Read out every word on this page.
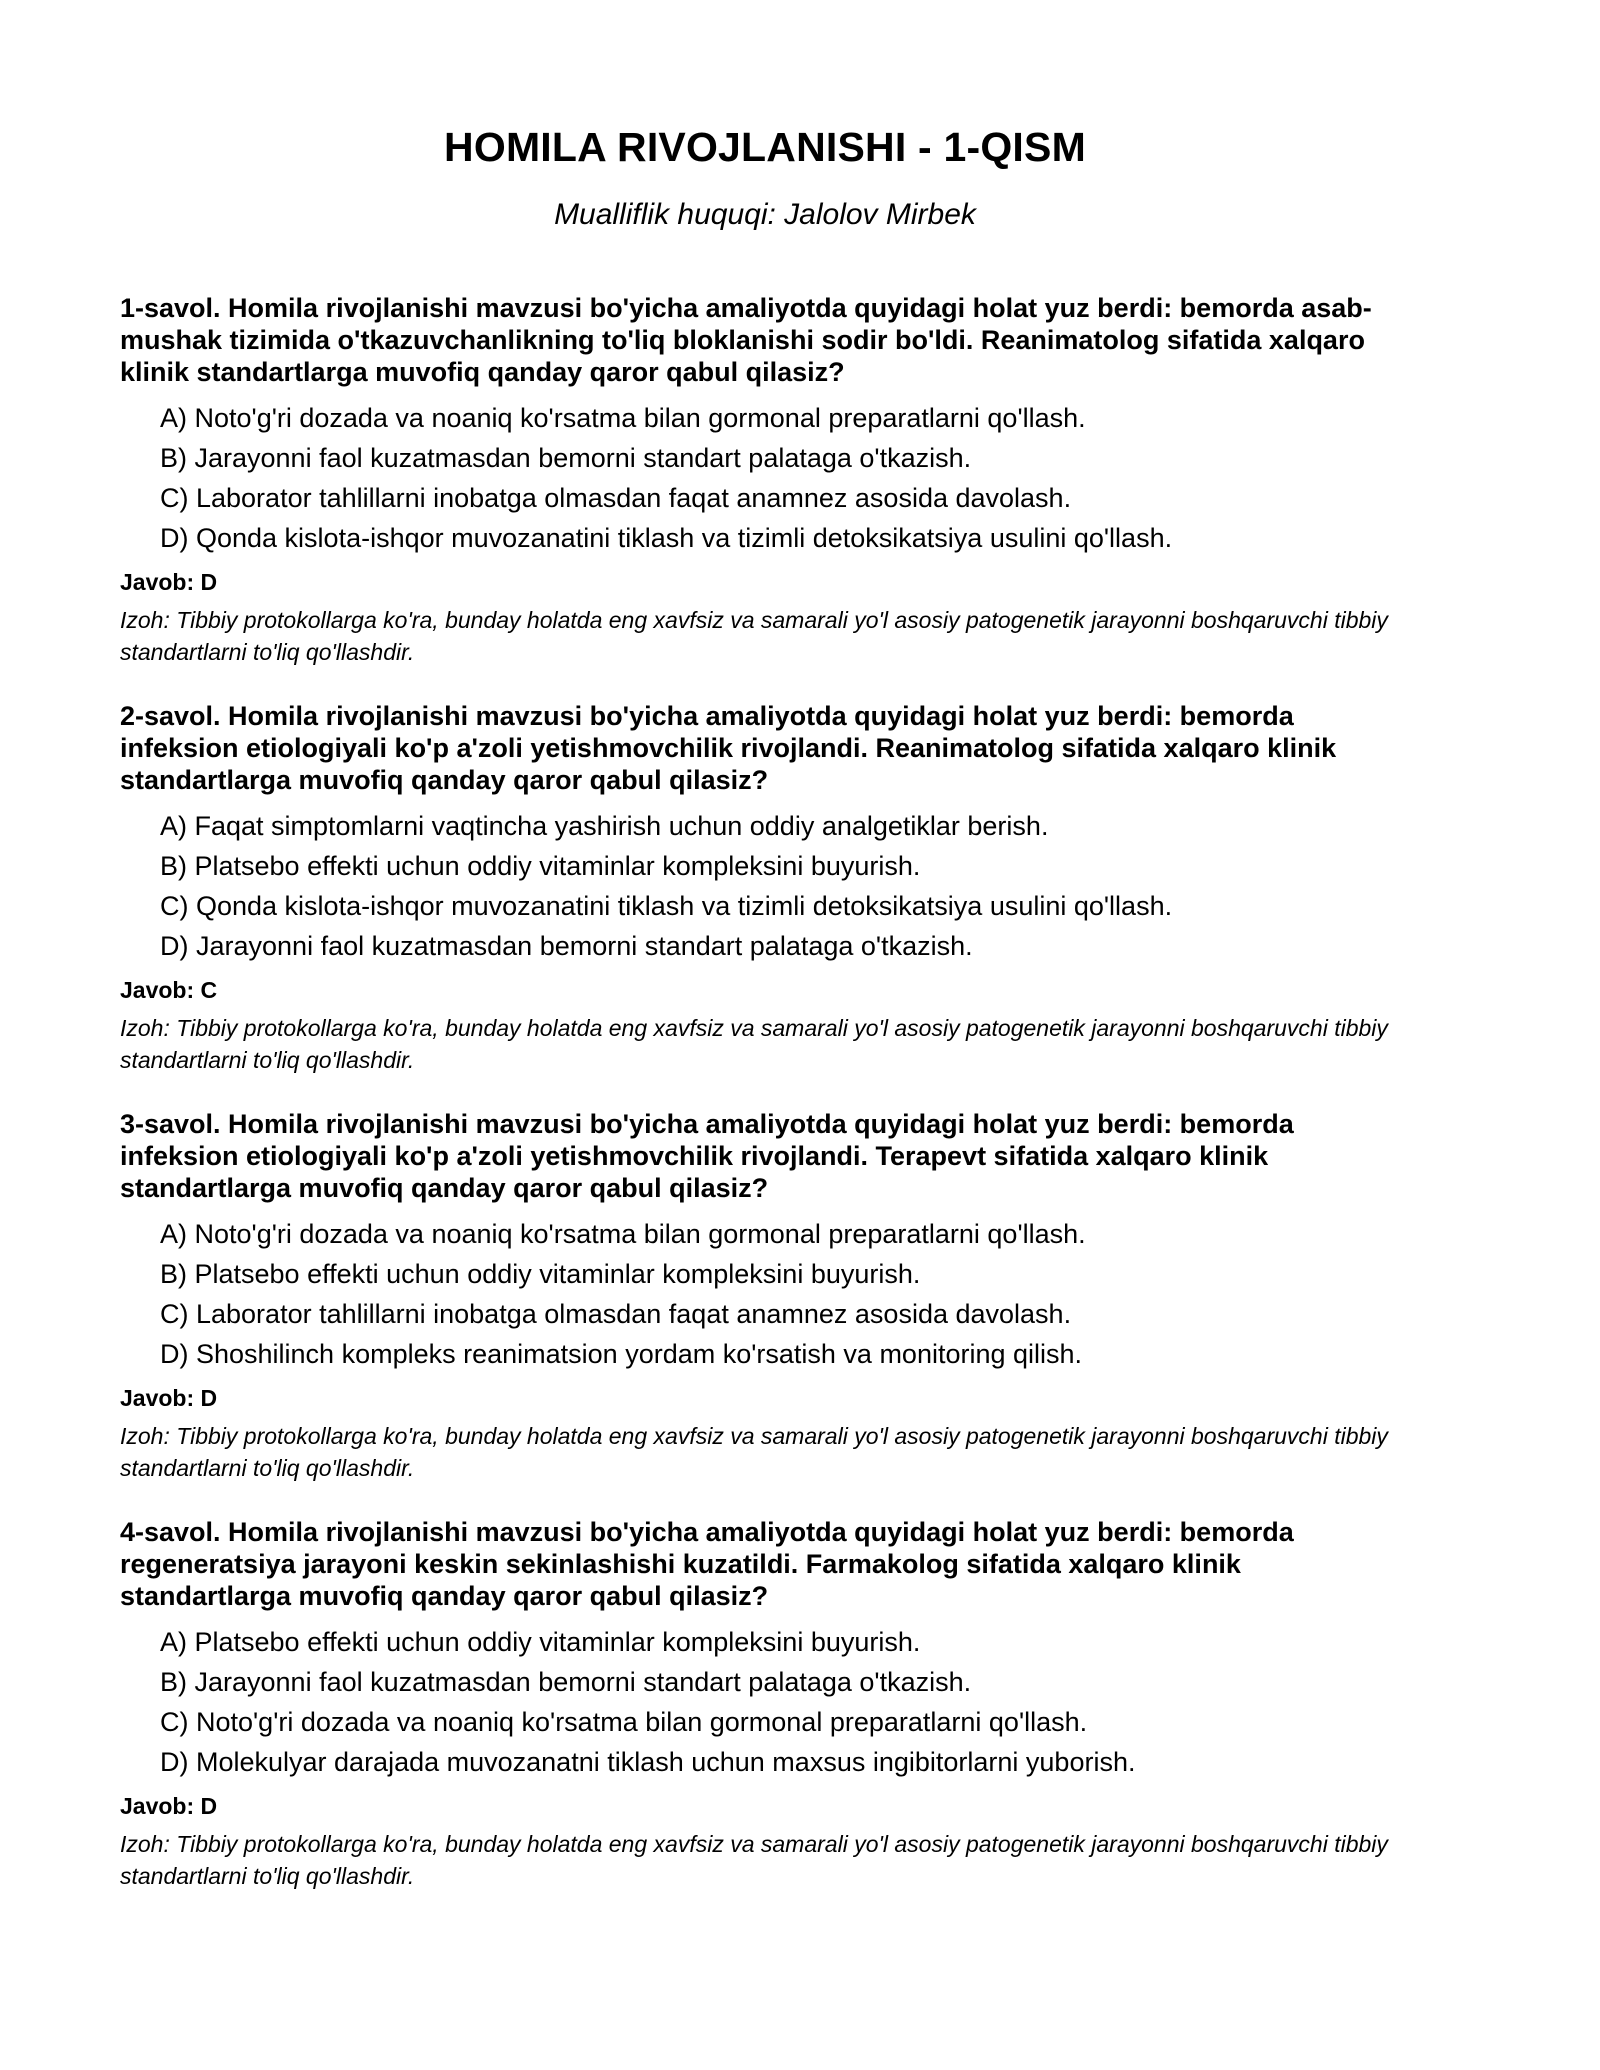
HOMILA RIVOJLANISHI - 1-QISM

Mualliflik huquqi: Jalolov Mirbek

1-savol. Homila rivojlanishi mavzusi bo'yicha amaliyotda quyidagi holat yuz berdi: bemorda asab-mushak tizimida o'tkazuvchanlikning to'liq bloklanishi sodir bo'ldi. Reanimatolog sifatida xalqaro klinik standartlarga muvofiq qanday qaror qabul qilasiz?

A) Noto'g'ri dozada va noaniq ko'rsatma bilan gormonal preparatlarni qo'llash.
B) Jarayonni faol kuzatmasdan bemorni standart palataga o'tkazish.
C) Laborator tahlillarni inobatga olmasdan faqat anamnez asosida davolash.
D) Qonda kislota-ishqor muvozanatini tiklash va tizimli detoksikatsiya usulini qo'llash.

Javob: D

Izoh: Tibbiy protokollarga ko'ra, bunday holatda eng xavfsiz va samarali yo'l asosiy patogenetik jarayonni boshqaruvchi tibbiy standartlarni to'liq qo'llashdir.

2-savol. Homila rivojlanishi mavzusi bo'yicha amaliyotda quyidagi holat yuz berdi: bemorda infeksion etiologiyali ko'p a'zoli yetishmovchilik rivojlandi. Reanimatolog sifatida xalqaro klinik standartlarga muvofiq qanday qaror qabul qilasiz?

A) Faqat simptomlarni vaqtincha yashirish uchun oddiy analgetiklar berish.
B) Platsebo effekti uchun oddiy vitaminlar kompleksini buyurish.
C) Qonda kislota-ishqor muvozanatini tiklash va tizimli detoksikatsiya usulini qo'llash.
D) Jarayonni faol kuzatmasdan bemorni standart palataga o'tkazish.

Javob: C

Izoh: Tibbiy protokollarga ko'ra, bunday holatda eng xavfsiz va samarali yo'l asosiy patogenetik jarayonni boshqaruvchi tibbiy standartlarni to'liq qo'llashdir.

3-savol. Homila rivojlanishi mavzusi bo'yicha amaliyotda quyidagi holat yuz berdi: bemorda infeksion etiologiyali ko'p a'zoli yetishmovchilik rivojlandi. Terapevt sifatida xalqaro klinik standartlarga muvofiq qanday qaror qabul qilasiz?

A) Noto'g'ri dozada va noaniq ko'rsatma bilan gormonal preparatlarni qo'llash.
B) Platsebo effekti uchun oddiy vitaminlar kompleksini buyurish.
C) Laborator tahlillarni inobatga olmasdan faqat anamnez asosida davolash.
D) Shoshilinch kompleks reanimatsion yordam ko'rsatish va monitoring qilish.

Javob: D

Izoh: Tibbiy protokollarga ko'ra, bunday holatda eng xavfsiz va samarali yo'l asosiy patogenetik jarayonni boshqaruvchi tibbiy standartlarni to'liq qo'llashdir.

4-savol. Homila rivojlanishi mavzusi bo'yicha amaliyotda quyidagi holat yuz berdi: bemorda regeneratsiya jarayoni keskin sekinlashishi kuzatildi. Farmakolog sifatida xalqaro klinik standartlarga muvofiq qanday qaror qabul qilasiz?

A) Platsebo effekti uchun oddiy vitaminlar kompleksini buyurish.
B) Jarayonni faol kuzatmasdan bemorni standart palataga o'tkazish.
C) Noto'g'ri dozada va noaniq ko'rsatma bilan gormonal preparatlarni qo'llash.
D) Molekulyar darajada muvozanatni tiklash uchun maxsus ingibitorlarni yuborish.

Javob: D

Izoh: Tibbiy protokollarga ko'ra, bunday holatda eng xavfsiz va samarali yo'l asosiy patogenetik jarayonni boshqaruvchi tibbiy standartlarni to'liq qo'llashdir.
